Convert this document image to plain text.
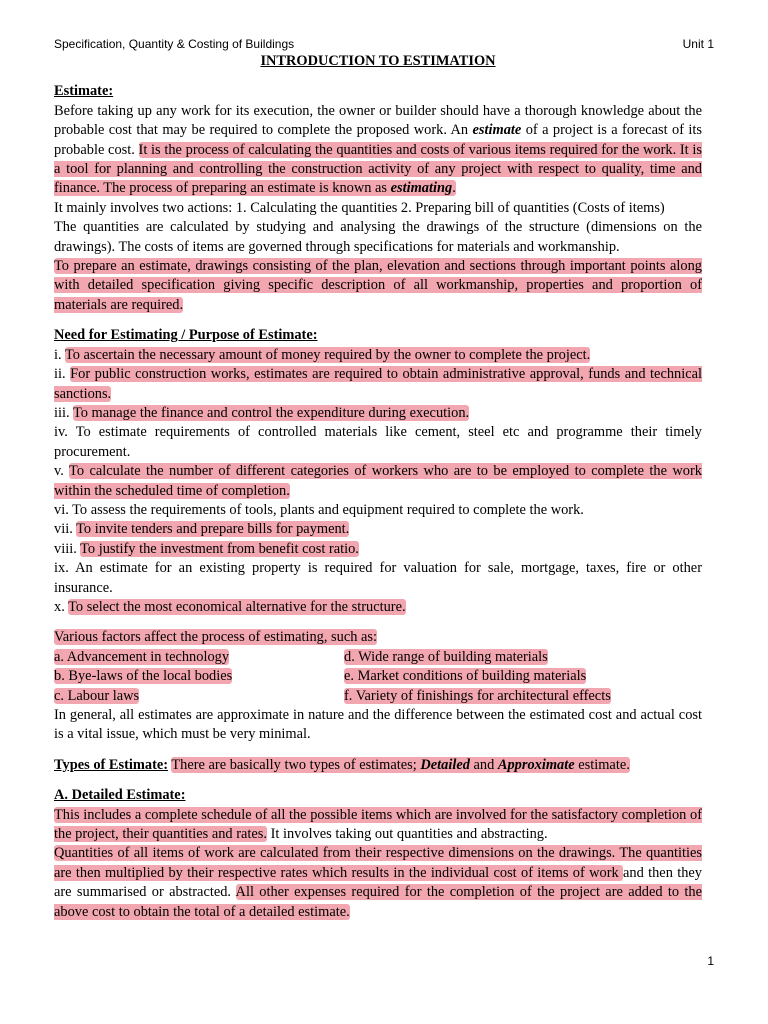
Specification, Quantity & Costing of Buildings	Unit 1

INTRODUCTION TO ESTIMATION

Estimate:

Before taking up any work for its execution, the owner or builder should have a thorough knowledge about the probable cost that may be required to complete the proposed work. An estimate of a project is a forecast of its probable cost. It is the process of calculating the quantities and costs of various items required for the work. It is a tool for planning and controlling the construction activity of any project with respect to quality, time and finance. The process of preparing an estimate is known as estimating.

It mainly involves two actions: 1. Calculating the quantities 2. Preparing bill of quantities (Costs of items)

The quantities are calculated by studying and analysing the drawings of the structure (dimensions on the drawings). The costs of items are governed through specifications for materials and workmanship.

To prepare an estimate, drawings consisting of the plan, elevation and sections through important points along with detailed specification giving specific description of all workmanship, properties and proportion of materials are required.

Need for Estimating / Purpose of Estimate:

i. To ascertain the necessary amount of money required by the owner to complete the project.

ii. For public construction works, estimates are required to obtain administrative approval, funds and technical sanctions.

iii. To manage the finance and control the expenditure during execution.

iv. To estimate requirements of controlled materials like cement, steel etc and programme their timely procurement.

v. To calculate the number of different categories of workers who are to be employed to complete the work within the scheduled time of completion.

vi. To assess the requirements of tools, plants and equipment required to complete the work.

vii. To invite tenders and prepare bills for payment.

viii. To justify the investment from benefit cost ratio.

ix. An estimate for an existing property is required for valuation for sale, mortgage, taxes, fire or other insurance.

x. To select the most economical alternative for the structure.

Various factors affect the process of estimating, such as:

a. Advancement in technology	d. Wide range of building materials
b. Bye-laws of the local bodies	e. Market conditions of building materials
c. Labour laws	f. Variety of finishings for architectural effects

In general, all estimates are approximate in nature and the difference between the estimated cost and actual cost is a vital issue, which must be very minimal.

Types of Estimate: There are basically two types of estimates; Detailed and Approximate estimate.

A. Detailed Estimate:

This includes a complete schedule of all the possible items which are involved for the satisfactory completion of the project, their quantities and rates. It involves taking out quantities and abstracting.

Quantities of all items of work are calculated from their respective dimensions on the drawings. The quantities are then multiplied by their respective rates which results in the individual cost of items of work and then they are summarised or abstracted. All other expenses required for the completion of the project are added to the above cost to obtain the total of a detailed estimate.

1
